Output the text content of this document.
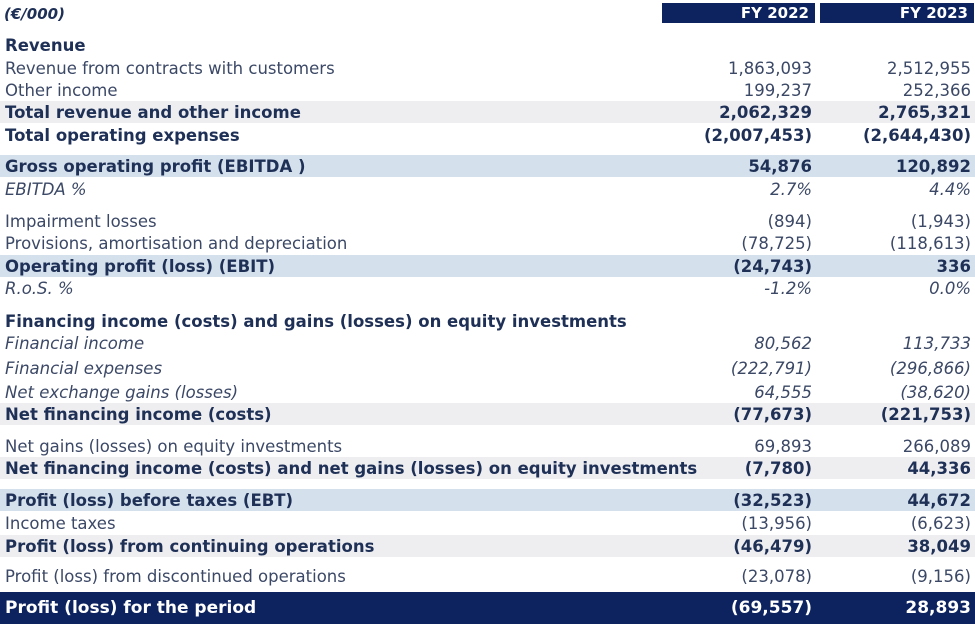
(€/000)	FY 2022	FY 2023
Revenue
Revenue from contracts with customers	1,863,093	2,512,955
Other income	199,237	252,366
Total revenue and other income	2,062,329	2,765,321
Total operating expenses	(2,007,453)	(2,644,430)
Gross operating profit (EBITDA )	54,876	120,892
EBITDA %	2.7%	4.4%
Impairment losses	(894)	(1,943)
Provisions, amortisation and depreciation	(78,725)	(118,613)
Operating profit (loss) (EBIT)	(24,743)	336
R.o.S. %	-1.2%	0.0%
Financing income (costs) and gains (losses) on equity investments
Financial income	80,562	113,733
Financial expenses	(222,791)	(296,866)
Net exchange gains (losses)	64,555	(38,620)
Net financing income (costs)	(77,673)	(221,753)
Net gains (losses) on equity investments	69,893	266,089
Net financing income (costs) and net gains (losses) on equity investments	(7,780)	44,336
Profit (loss) before taxes (EBT)	(32,523)	44,672
Income taxes	(13,956)	(6,623)
Profit (loss) from continuing operations	(46,479)	38,049
Profit (loss) from discontinued operations	(23,078)	(9,156)
Profit (loss) for the period	(69,557)	28,893
